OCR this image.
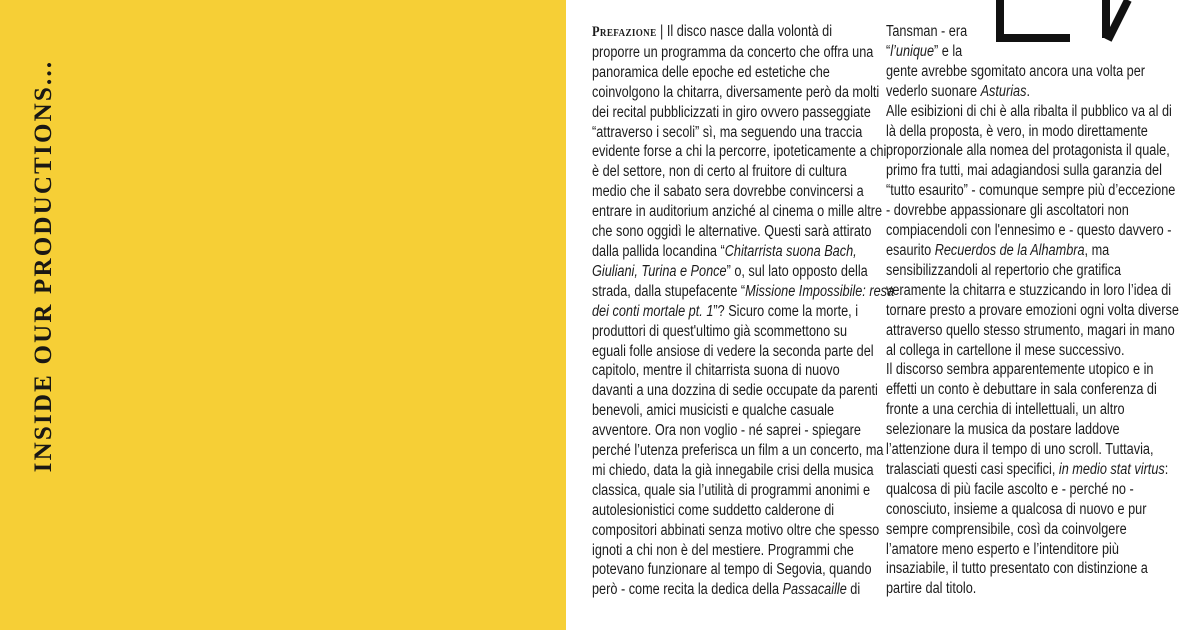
INSIDE OUR PRODUCTIONS...
Prefazione | Il disco nasce dalla volontà di
proporre un programma da concerto che offra una
panoramica delle epoche ed estetiche che
coinvolgono la chitarra, diversamente però da molti
dei recital pubblicizzati in giro ovvero passeggiate
“attraverso i secoli” sì, ma seguendo una traccia
evidente forse a chi la percorre, ipoteticamente a chi
è del settore, non di certo al fruitore di cultura
medio che il sabato sera dovrebbe convincersi a
entrare in auditorium anziché al cinema o mille altre
che sono oggidì le alternative. Questi sarà attirato
dalla pallida locandina “Chitarrista suona Bach,
Giuliani, Turina e Ponce” o, sul lato opposto della
strada, dalla stupefacente “Missione Impossibile: resa
dei conti mortale pt. 1”? Sicuro come la morte, i
produttori di quest'ultimo già scommettono su
eguali folle ansiose di vedere la seconda parte del
capitolo, mentre il chitarrista suona di nuovo
davanti a una dozzina di sedie occupate da parenti
benevoli, amici musicisti e qualche casuale
avventore. Ora non voglio - né saprei - spiegare
perché l’utenza preferisca un film a un concerto, ma
mi chiedo, data la già innegabile crisi della musica
classica, quale sia l’utilità di programmi anonimi e
autolesionistici come suddetto calderone di
compositori abbinati senza motivo oltre che spesso
ignoti a chi non è del mestiere. Programmi che
potevano funzionare al tempo di Segovia, quando
però - come recita la dedica della Passacaille di
Tansman - era
“l’unique” e la
gente avrebbe sgomitato ancora una volta per
vederlo suonare Asturias.
Alle esibizioni di chi è alla ribalta il pubblico va al di
là della proposta, è vero, in modo direttamente
proporzionale alla nomea del protagonista il quale,
primo fra tutti, mai adagiandosi sulla garanzia del
“tutto esaurito” - comunque sempre più d’eccezione
- dovrebbe appassionare gli ascoltatori non
compiacendoli con l'ennesimo e - questo davvero -
esaurito Recuerdos de la Alhambra, ma
sensibilizzandoli al repertorio che gratifica
veramente la chitarra e stuzzicando in loro l’idea di
tornare presto a provare emozioni ogni volta diverse
attraverso quello stesso strumento, magari in mano
al collega in cartellone il mese successivo.
Il discorso sembra apparentemente utopico e in
effetti un conto è debuttare in sala conferenza di
fronte a una cerchia di intellettuali, un altro
selezionare la musica da postare laddove
l’attenzione dura il tempo di uno scroll. Tuttavia,
tralasciati questi casi specifici, in medio stat virtus:
qualcosa di più facile ascolto e - perché no -
conosciuto, insieme a qualcosa di nuovo e pur
sempre comprensibile, così da coinvolgere
l’amatore meno esperto e l’intenditore più
insaziabile, il tutto presentato con distinzione a
partire dal titolo.
